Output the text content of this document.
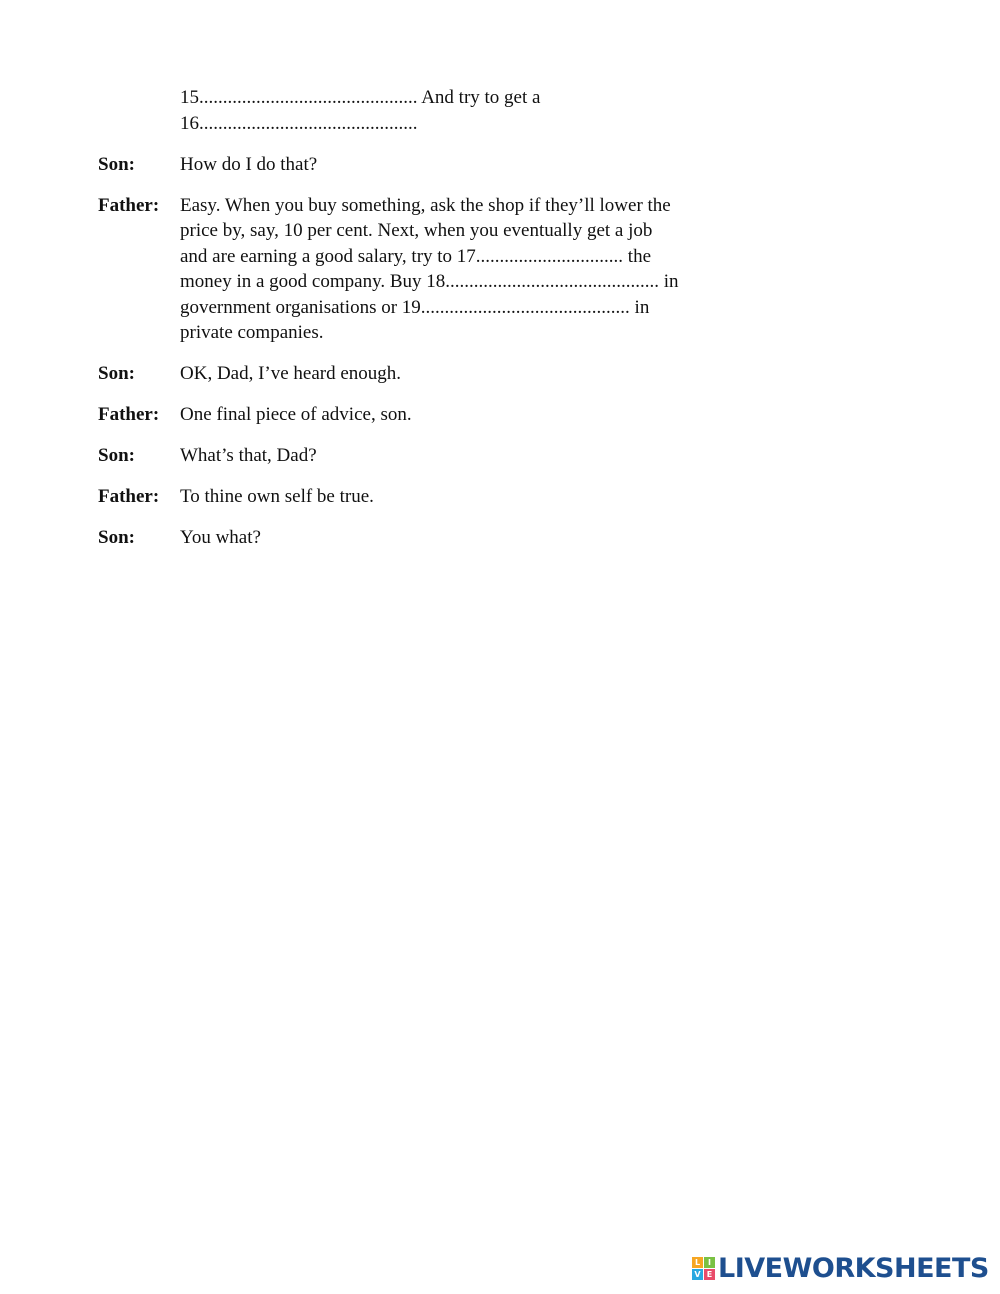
15.............................................. And try to get a
16..............................................
Son: How do I do that?
Father: Easy. When you buy something, ask the shop if they’ll lower the
price by, say, 10 per cent. Next, when you eventually get a job
and are earning a good salary, try to 17............................... the
money in a good company. Buy 18............................................. in
government organisations or 19............................................ in
private companies.
Son: OK, Dad, I’ve heard enough.
Father: One final piece of advice, son.
Son: What’s that, Dad?
Father: To thine own self be true.
Son: You what?
L I
V E LIVEWORKSHEETS
